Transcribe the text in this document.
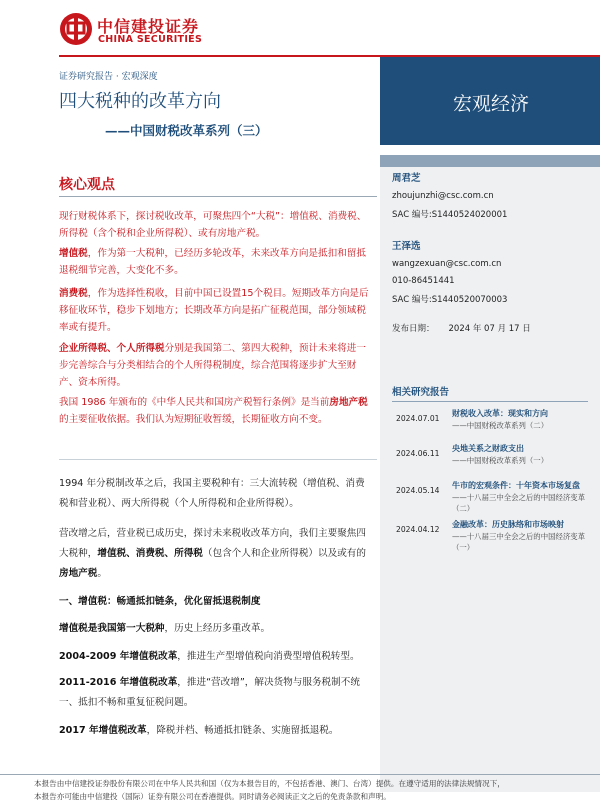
中信建投证券
CHINA SECURITIES
宏观经济
证券研究报告 · 宏观深度
四大税种的改革方向
——中国财税改革系列（三）
核心观点
现行财税体系下，探讨税收改革，可聚焦四个“大税”：增值税、消费税、所得税（含个税和企业所得税）、或有房地产税。
增值税，作为第一大税种，已经历多轮改革，未来改革方向是抵扣和留抵退税细节完善，大变化不多。
消费税，作为选择性税收，目前中国已设置15个税目。短期改革方向是后移征收环节，稳步下划地方；长期改革方向是拓广征税范围，部分领域税率或有提升。
企业所得税、个人所得税分别是我国第二、第四大税种，预计未来将进一步完善综合与分类相结合的个人所得税制度，综合范围将逐步扩大至财产、资本所得。
我国 1986 年颁布的《中华人民共和国房产税暂行条例》是当前房地产税的主要征收依据。我们认为短期征收暂缓，长期征收方向不变。
1994 年分税制改革之后，我国主要税种有：三大流转税（增值税、消费税和营业税）、两大所得税（个人所得税和企业所得税）。
营改增之后，营业税已成历史，探讨未来税收改革方向，我们主要聚焦四大税种，增值税、消费税、所得税（包含个人和企业所得税）以及或有的房地产税。
一、增值税：畅通抵扣链条，优化留抵退税制度
增值税是我国第一大税种，历史上经历多重改革。
2004-2009 年增值税改革，推进生产型增值税向消费型增值税转型。
2011-2016 年增值税改革，推进“营改增”，解决货物与服务税制不统一、抵扣不畅和重复征税问题。
2017 年增值税改革，降税并档、畅通抵扣链条、实施留抵退税。
周君芝
zhoujunzhi@csc.com.cn
SAC 编号:S1440524020001
王泽选
wangzexuan@csc.com.cn
010-86451441
SAC 编号:S1440520070003
发布日期： 2024 年 07 月 17 日
相关研究报告
2024.07.01
财税收入改革：现实和方向
——中国财税改革系列（二）
2024.06.11
央地关系之财政支出
——中国财税改革系列（一）
2024.05.14
牛市的宏观条件：十年资本市场复盘
——十八届三中全会之后的中国经济变革（二）
2024.04.12
金融改革：历史脉络和市场映射
——十八届三中全会之后的中国经济变革（一）
本报告由中信建投证券股份有限公司在中华人民共和国（仅为本报告目的，不包括香港、澳门、台湾）提供。在遵守适用的法律法规情况下，
本报告亦可能由中信建投（国际）证券有限公司在香港提供。同时请务必阅读正文之后的免责条款和声明。
